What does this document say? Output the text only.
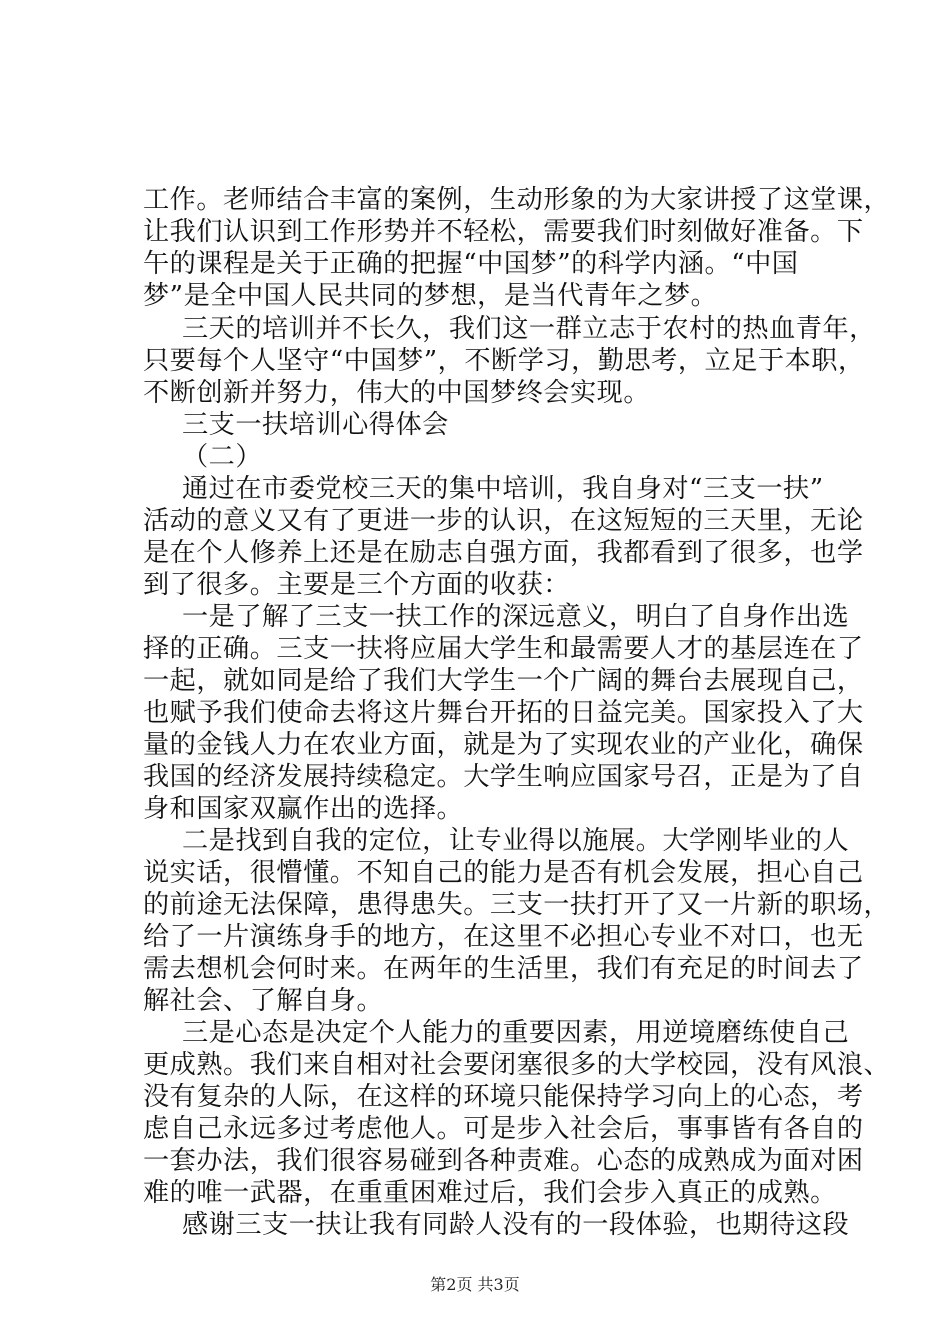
工作。老师结合丰富的案例，生动形象的为大家讲授了这堂课，
让我们认识到工作形势并不轻松，需要我们时刻做好准备。下
午的课程是关于正确的把握“中国梦”的科学内涵。“中国
梦”是全中国人民共同的梦想，是当代青年之梦。
三天的培训并不长久，我们这一群立志于农村的热血青年，
只要每个人坚守“中国梦”，不断学习，勤思考，立足于本职，
不断创新并努力，伟大的中国梦终会实现。
三支一扶培训心得体会
（二）
通过在市委党校三天的集中培训，我自身对“三支一扶”
活动的意义又有了更进一步的认识，在这短短的三天里，无论
是在个人修养上还是在励志自强方面，我都看到了很多，也学
到了很多。主要是三个方面的收获：
一是了解了三支一扶工作的深远意义，明白了自身作出选
择的正确。三支一扶将应届大学生和最需要人才的基层连在了
一起，就如同是给了我们大学生一个广阔的舞台去展现自己，
也赋予我们使命去将这片舞台开拓的日益完美。国家投入了大
量的金钱人力在农业方面，就是为了实现农业的产业化，确保
我国的经济发展持续稳定。大学生响应国家号召，正是为了自
身和国家双赢作出的选择。
二是找到自我的定位，让专业得以施展。大学刚毕业的人
说实话，很懵懂。不知自己的能力是否有机会发展，担心自己
的前途无法保障，患得患失。三支一扶打开了又一片新的职场，
给了一片演练身手的地方，在这里不必担心专业不对口，也无
需去想机会何时来。在两年的生活里，我们有充足的时间去了
解社会、了解自身。
三是心态是决定个人能力的重要因素，用逆境磨练使自己
更成熟。我们来自相对社会要闭塞很多的大学校园，没有风浪、
没有复杂的人际，在这样的环境只能保持学习向上的心态，考
虑自己永远多过考虑他人。可是步入社会后，事事皆有各自的
一套办法，我们很容易碰到各种责难。心态的成熟成为面对困
难的唯一武器，在重重困难过后，我们会步入真正的成熟。
感谢三支一扶让我有同龄人没有的一段体验，也期待这段
第2页 共3页
